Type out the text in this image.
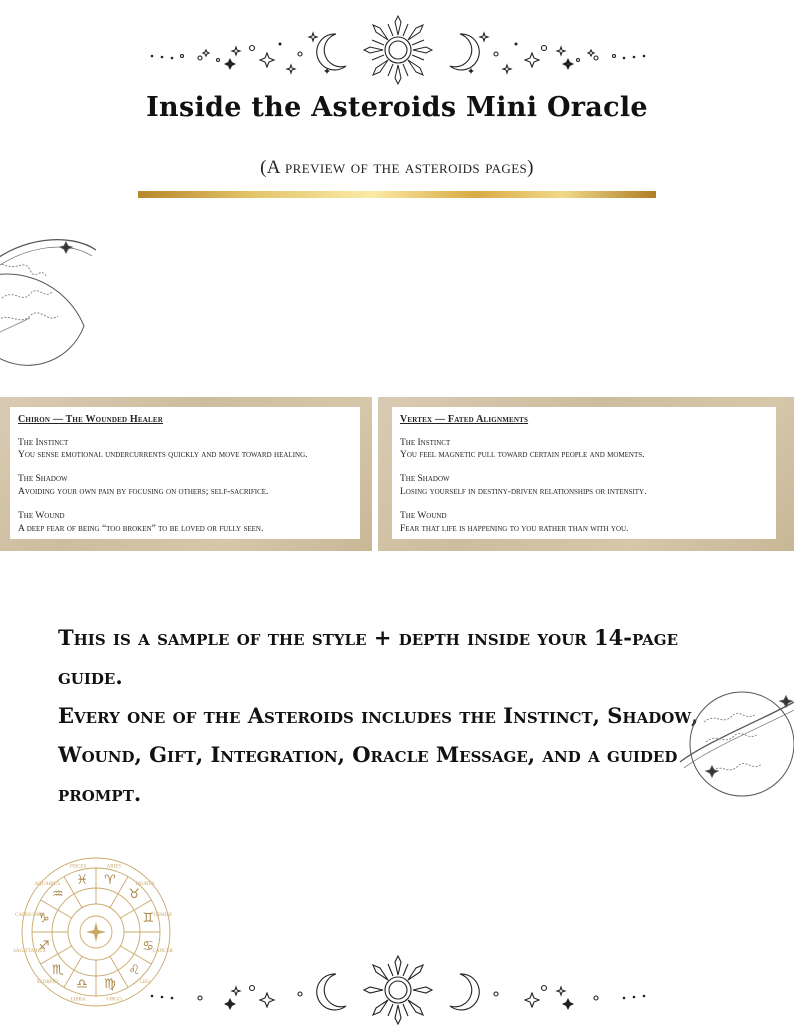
Inside the Asteroids Mini Oracle
(A preview of the asteroids pages)
Chiron — The Wounded Healer
The Instinct
You sense emotional undercurrents quickly and move toward healing.
The Shadow
Avoiding your own pain by focusing on others; self-sacrifice.
The Wound
A deep fear of being “too broken” to be loved or fully seen.
Vertex — Fated Alignments
The Instinct
You feel magnetic pull toward certain people and moments.
The Shadow
Losing yourself in destiny-driven relationships or intensity.
The Wound
Fear that life is happening to you rather than with you.

This is a sample of the style + depth inside your 14-page guide.

Every one of the Asteroids includes the Instinct, Shadow, Wound, Gift, Integration, Oracle Message, and a guided prompt.

♈
♉
♊
♋
♌
♍
♎
♏
♐
♑
♒
♓
ARIES
TAURUS
GEMINI
CANCER
LEO
VIRGO
LIBRA
SCORPIO
SAGITTARIUS
CAPRICORN
AQUARIUS
PISCES
